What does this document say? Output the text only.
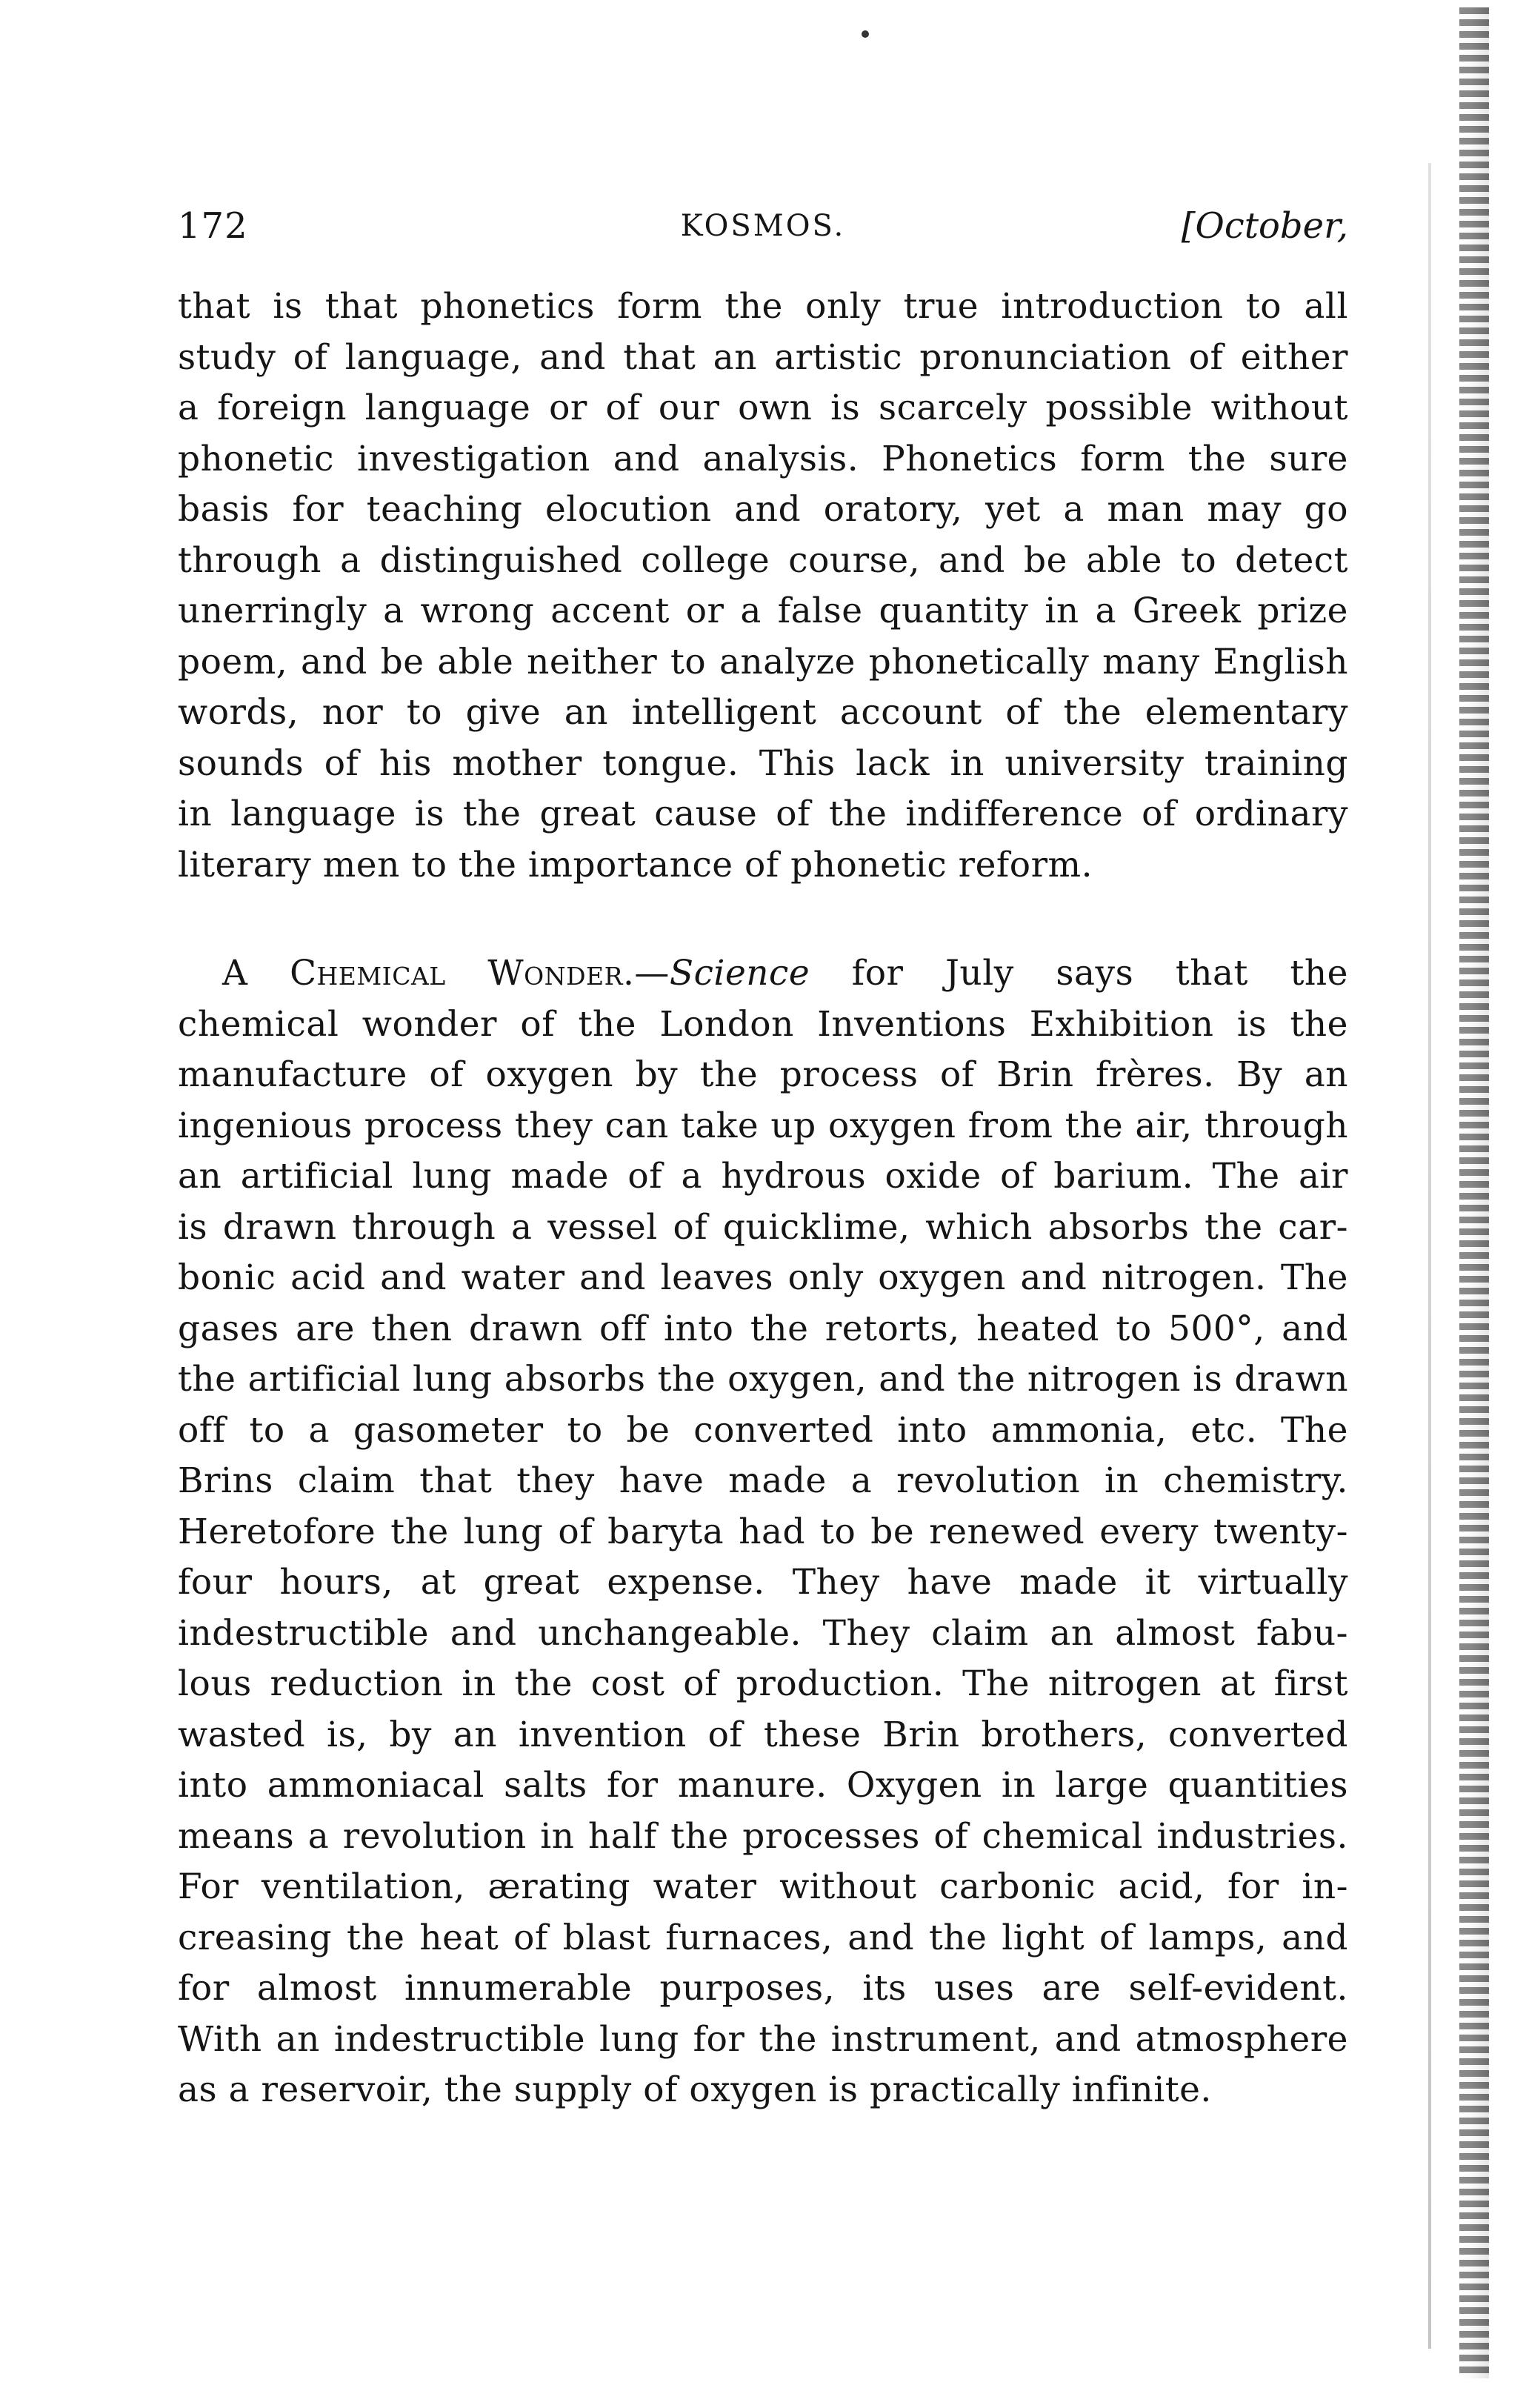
172	KOSMOS.	[October,
that is that phonetics form the only true introduction to all
study of language, and that an artistic pronunciation of either
a foreign language or of our own is scarcely possible without
phonetic investigation and analysis. Phonetics form the sure
basis for teaching elocution and oratory, yet a man may go
through a distinguished college course, and be able to detect
unerringly a wrong accent or a false quantity in a Greek prize
poem, and be able neither to analyze phonetically many English
words, nor to give an intelligent account of the elementary
sounds of his mother tongue. This lack in university training
in language is the great cause of the indifference of ordinary
literary men to the importance of phonetic reform.
A Chemical Wonder.—Science for July says that the
chemical wonder of the London Inventions Exhibition is the
manufacture of oxygen by the process of Brin frères. By an
ingenious process they can take up oxygen from the air, through
an artificial lung made of a hydrous oxide of barium. The air
is drawn through a vessel of quicklime, which absorbs the car-
bonic acid and water and leaves only oxygen and nitrogen. The
gases are then drawn off into the retorts, heated to 500°, and
the artificial lung absorbs the oxygen, and the nitrogen is drawn
off to a gasometer to be converted into ammonia, etc. The
Brins claim that they have made a revolution in chemistry.
Heretofore the lung of baryta had to be renewed every twenty-
four hours, at great expense. They have made it virtually
indestructible and unchangeable. They claim an almost fabu-
lous reduction in the cost of production. The nitrogen at first
wasted is, by an invention of these Brin brothers, converted
into ammoniacal salts for manure. Oxygen in large quantities
means a revolution in half the processes of chemical industries.
For ventilation, ærating water without carbonic acid, for in-
creasing the heat of blast furnaces, and the light of lamps, and
for almost innumerable purposes, its uses are self-evident.
With an indestructible lung for the instrument, and atmosphere
as a reservoir, the supply of oxygen is practically infinite.
